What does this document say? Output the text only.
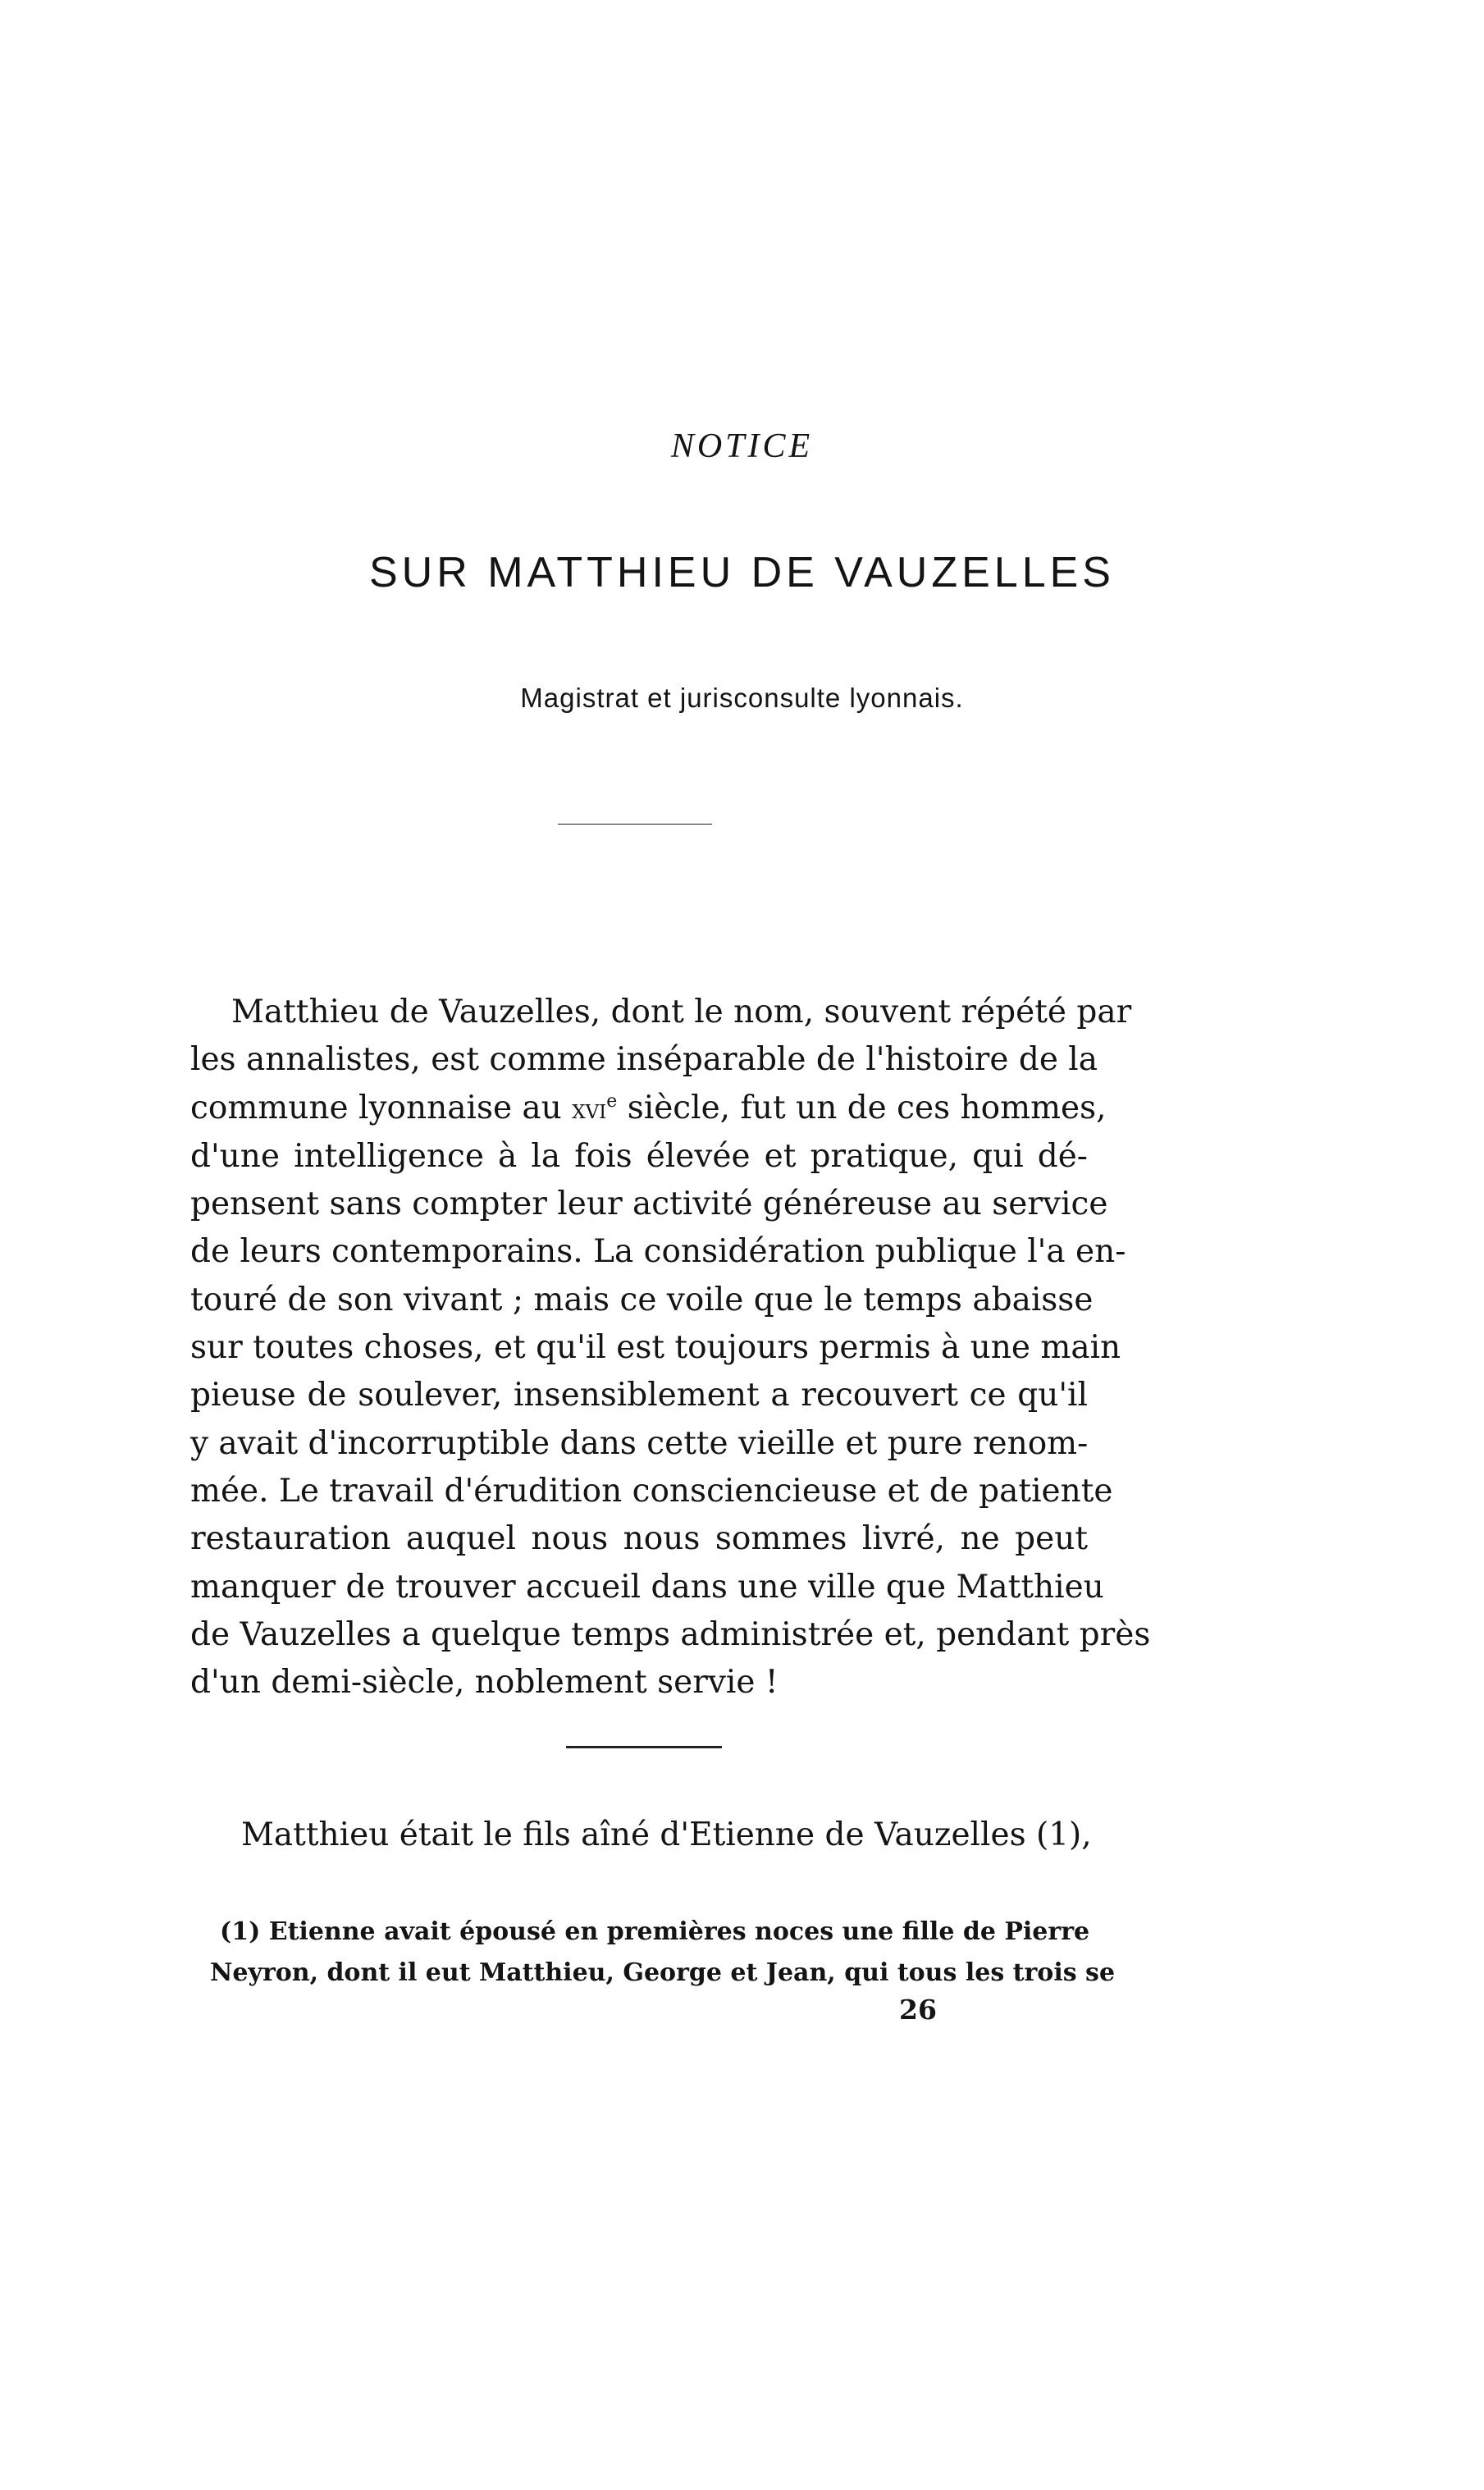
NOTICE
SUR MATTHIEU DE VAUZELLES
Magistrat et jurisconsulte lyonnais.
Matthieu de Vauzelles, dont le nom, souvent répété par
les annalistes, est comme inséparable de l'histoire de la
commune lyonnaise au xvi$^e$ siècle, fut un de ces hommes,
d'une intelligence à la fois élevée et pratique, qui dé-
pensent sans compter leur activité généreuse au service
de leurs contemporains. La considération publique l'a en-
touré de son vivant ; mais ce voile que le temps abaisse
sur toutes choses, et qu'il est toujours permis à une main
pieuse de soulever, insensiblement a recouvert ce qu'il
y avait d'incorruptible dans cette vieille et pure renom-
mée. Le travail d'érudition consciencieuse et de patiente
restauration auquel nous nous sommes livré, ne peut
manquer de trouver accueil dans une ville que Matthieu
de Vauzelles a quelque temps administrée et, pendant près
d'un demi-siècle, noblement servie !
Matthieu était le fils aîné d'Etienne de Vauzelles (1),
(1) Etienne avait épousé en premières noces une fille de Pierre
Neyron, dont il eut Matthieu, George et Jean, qui tous les trois se
26
